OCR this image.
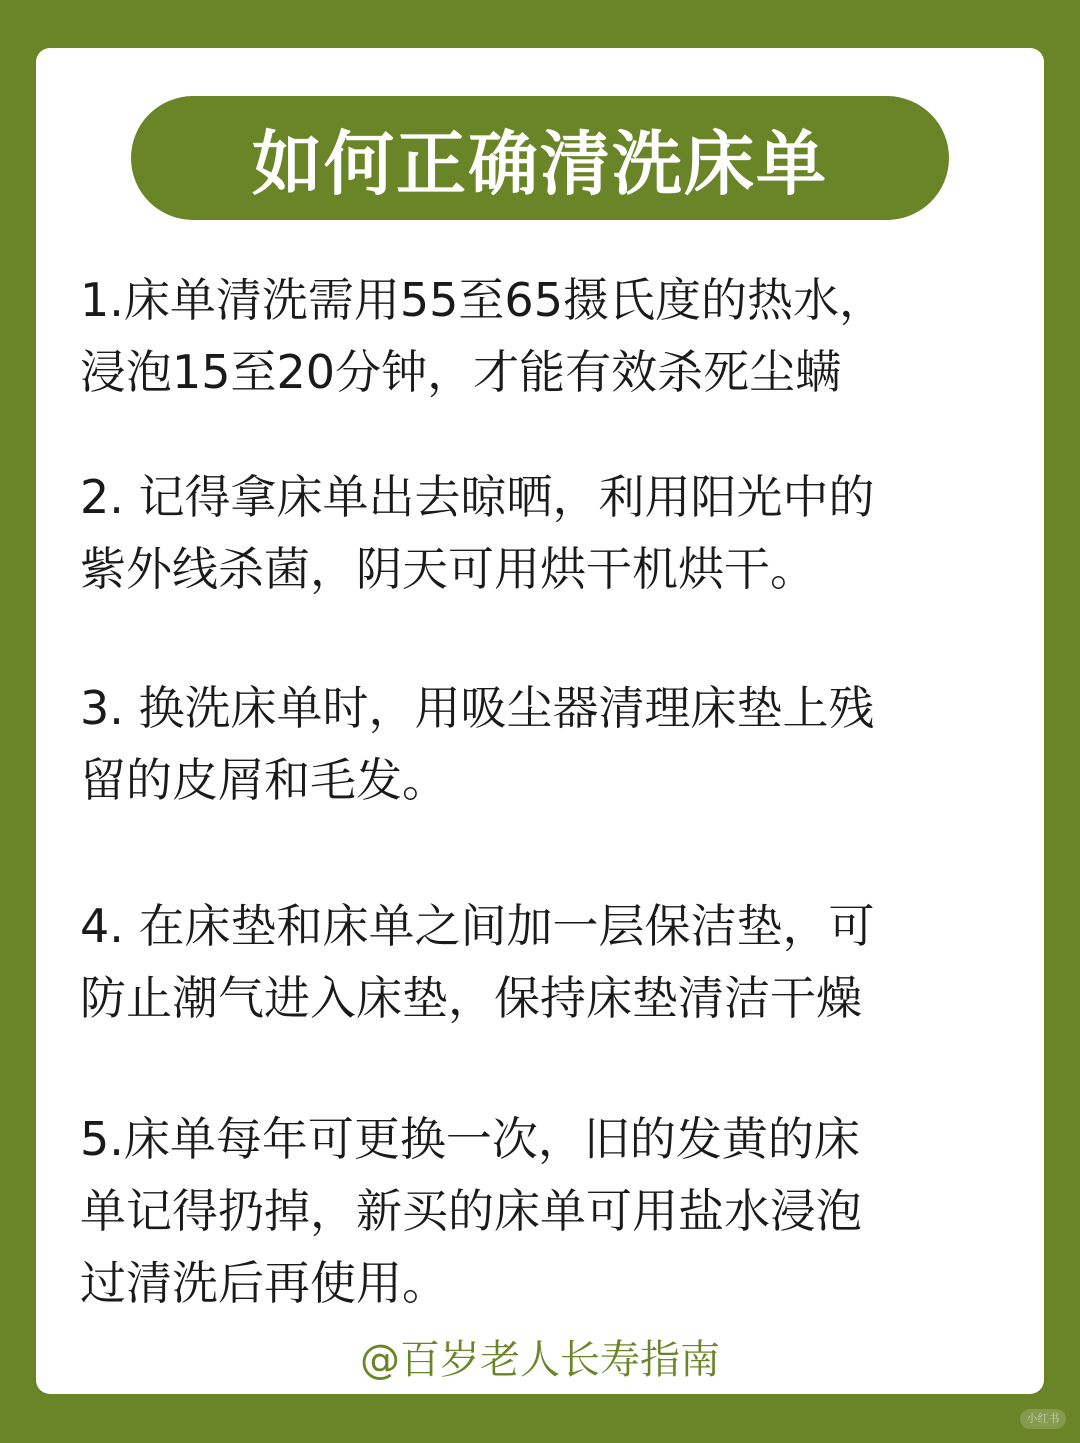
如何正确清洗床单
1.床单清洗需用55至65摄氏度的热水，
浸泡15至20分钟，才能有效杀死尘螨
2. 记得拿床单出去晾晒，利用阳光中的
紫外线杀菌，阴天可用烘干机烘干。
3. 换洗床单时，用吸尘器清理床垫上残
留的皮屑和毛发。
4. 在床垫和床单之间加一层保洁垫，可
防止潮气进入床垫，保持床垫清洁干燥
5.床单每年可更换一次，旧的发黄的床
单记得扔掉，新买的床单可用盐水浸泡
过清洗后再使用。
@百岁老人长寿指南
小红书
